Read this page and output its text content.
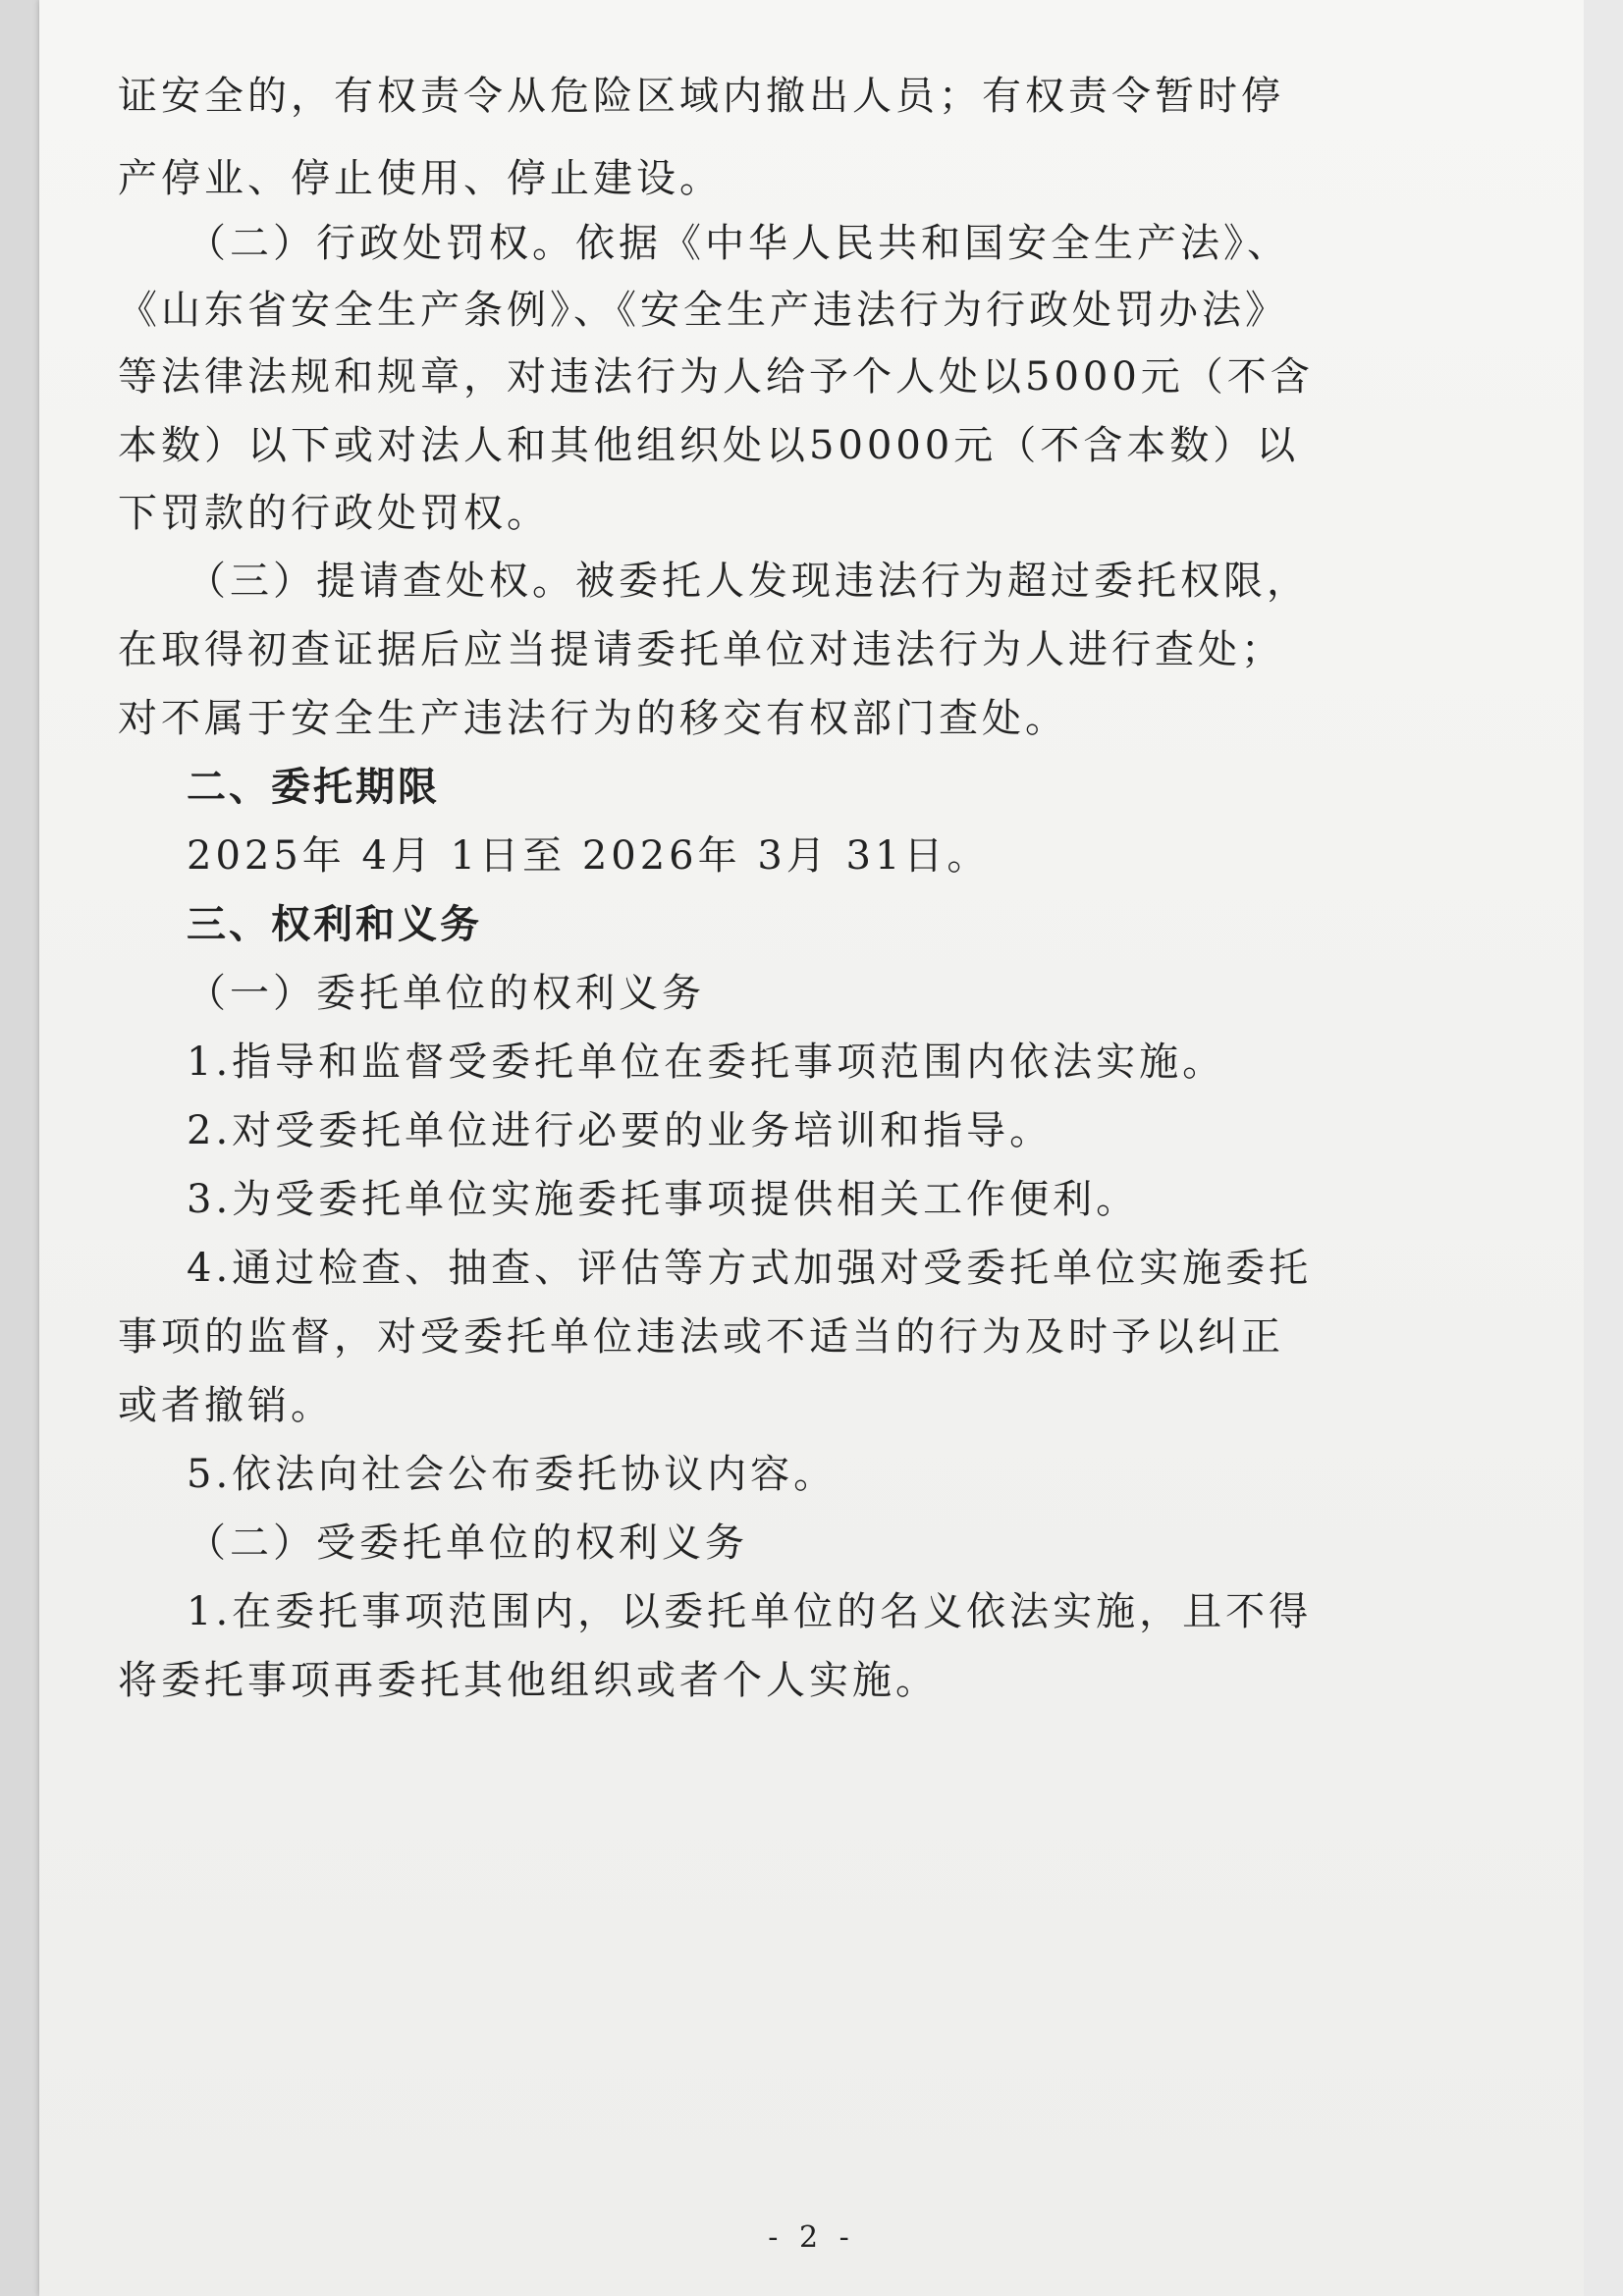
证安全的，有权责令从危险区域内撤出人员；有权责令暂时停
产停业、停止使用、停止建设。
（二）行政处罚权。依据《中华人民共和国安全生产法》、
《山东省安全生产条例》、《安全生产违法行为行政处罚办法》
等法律法规和规章，对违法行为人给予个人处以5000元（不含
本数）以下或对法人和其他组织处以50000元（不含本数）以
下罚款的行政处罚权。
（三）提请查处权。被委托人发现违法行为超过委托权限，
在取得初查证据后应当提请委托单位对违法行为人进行查处；
对不属于安全生产违法行为的移交有权部门查处。
二、委托期限
2025年 4月 1日至 2026年 3月 31日。
三、权利和义务
（一）委托单位的权利义务
1.指导和监督受委托单位在委托事项范围内依法实施。
2.对受委托单位进行必要的业务培训和指导。
3.为受委托单位实施委托事项提供相关工作便利。
4.通过检查、抽查、评估等方式加强对受委托单位实施委托
事项的监督，对受委托单位违法或不适当的行为及时予以纠正
或者撤销。
5.依法向社会公布委托协议内容。
（二）受委托单位的权利义务
1.在委托事项范围内，以委托单位的名义依法实施，且不得
将委托事项再委托其他组织或者个人实施。
- 2 -
